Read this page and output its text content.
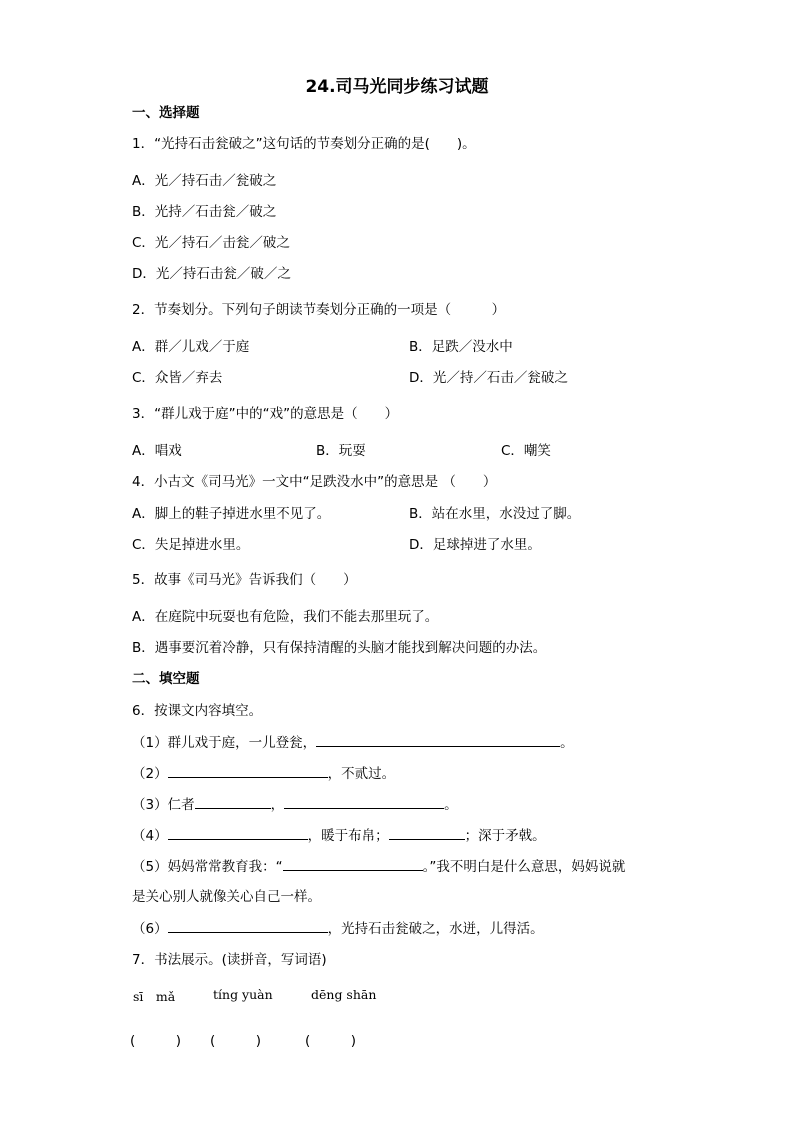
24.司马光同步练习试题
一、选择题
1．“光持石击瓮破之”这句话的节奏划分正确的是(　　)。
A．光／持石击／瓮破之
B．光持／石击瓮／破之
C．光／持石／击瓮／破之
D．光／持石击瓮／破／之
2．节奏划分。下列句子朗读节奏划分正确的一项是（　　　）
A．群／儿戏／于庭	B．足跌／没水中
C．众皆／弃去	D．光／持／石击／瓮破之
3．“群儿戏于庭”中的“戏”的意思是（　　）
A．唱戏	B．玩耍	C．嘲笑
4．小古文《司马光》一文中“足跌没水中”的意思是 （　　）
A．脚上的鞋子掉进水里不见了。	B．站在水里，水没过了脚。
C．失足掉进水里。	D．足球掉进了水里。
5．故事《司马光》告诉我们（　　）
A．在庭院中玩耍也有危险，我们不能去那里玩了。
B．遇事要沉着冷静，只有保持清醒的头脑才能找到解决问题的办法。
二、填空题
6．按课文内容填空。
（1）群儿戏于庭，一儿登瓮，	。
（2）	，不贰过。
（3）仁者	，	。
（4）	，暖于布帛；	；深于矛戟。
（5）妈妈常常教育我：“	。”我不明白是什么意思，妈妈说就
是关心别人就像关心自己一样。
（6）	，光持石击瓮破之，水迸，儿得活。
7．书法展示。(读拼音，写词语)
sī　mǎ	tíng yuàn	dēng shān
(　　　) (　　　)	(　　　)
